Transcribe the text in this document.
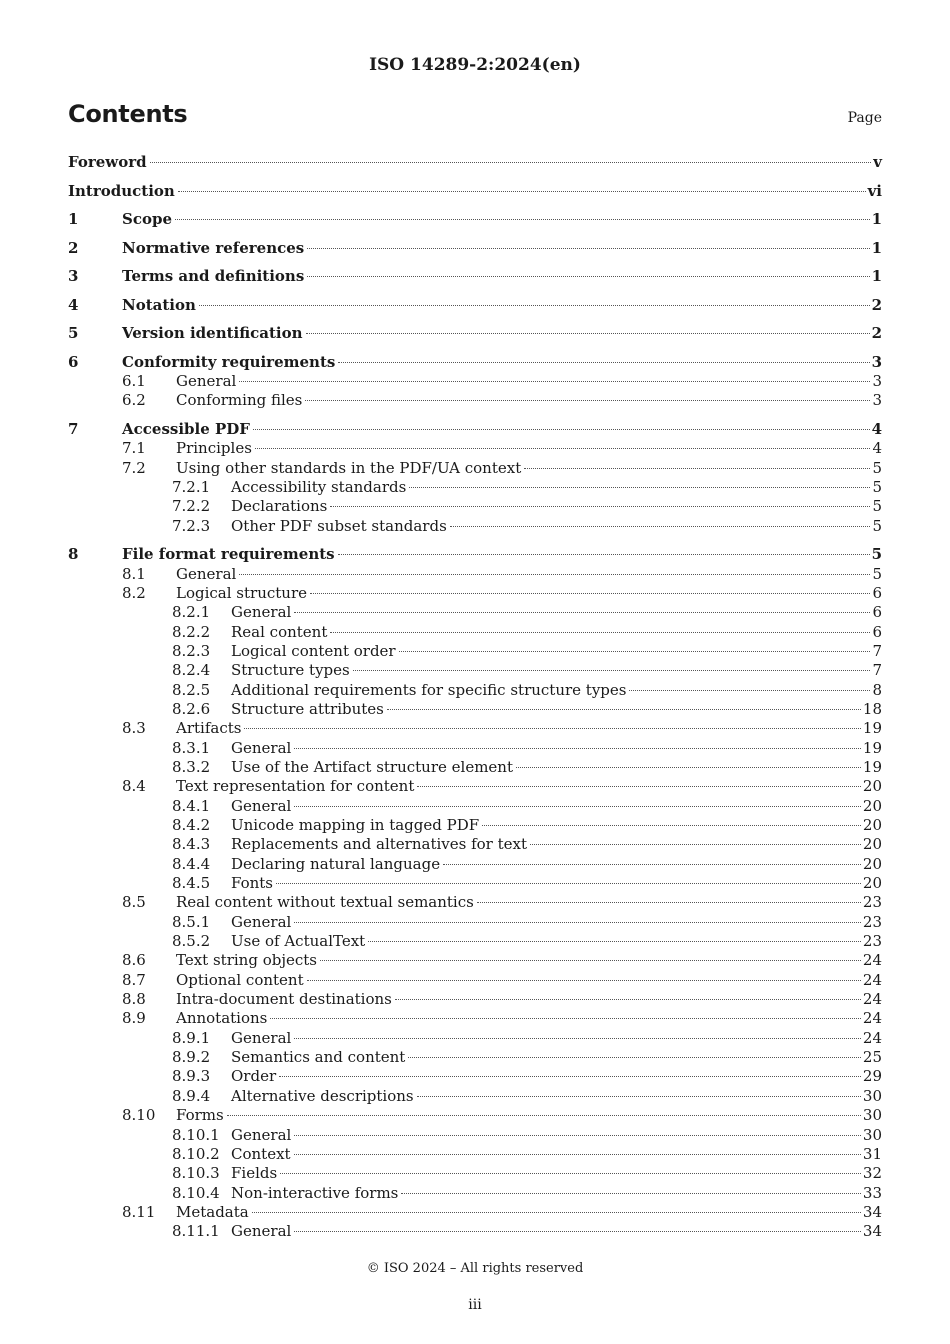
ISO 14289-2:2024(en)
Contents	Page
Foreword	v
Introduction	vi
1	Scope	1
2	Normative references	1
3	Terms and definitions	1
4	Notation	2
5	Version identification	2
6	Conformity requirements	3
6.1 General	3
6.2 Conforming files	3
7	Accessible PDF	4
7.1 Principles	4
7.2 Using other standards in the PDF/UA context	5
7.2.1 Accessibility standards	5
7.2.2 Declarations	5
7.2.3 Other PDF subset standards	5
8	File format requirements	5
8.1 General	5
8.2 Logical structure	6
8.2.1 General	6
8.2.2 Real content	6
8.2.3 Logical content order	7
8.2.4 Structure types	7
8.2.5 Additional requirements for specific structure types	8
8.2.6 Structure attributes	18
8.3 Artifacts	19
8.3.1 General	19
8.3.2 Use of the Artifact structure element	19
8.4 Text representation for content	20
8.4.1 General	20
8.4.2 Unicode mapping in tagged PDF	20
8.4.3 Replacements and alternatives for text	20
8.4.4 Declaring natural language	20
8.4.5 Fonts	20
8.5 Real content without textual semantics	23
8.5.1 General	23
8.5.2 Use of ActualText	23
8.6 Text string objects	24
8.7 Optional content	24
8.8 Intra-document destinations	24
8.9 Annotations	24
8.9.1 General	24
8.9.2 Semantics and content	25
8.9.3 Order	29
8.9.4 Alternative descriptions	30
8.10 Forms	30
8.10.1 General	30
8.10.2 Context	31
8.10.3 Fields	32
8.10.4 Non-interactive forms	33
8.11 Metadata	34
8.11.1 General	34
© ISO 2024 – All rights reserved
iii
